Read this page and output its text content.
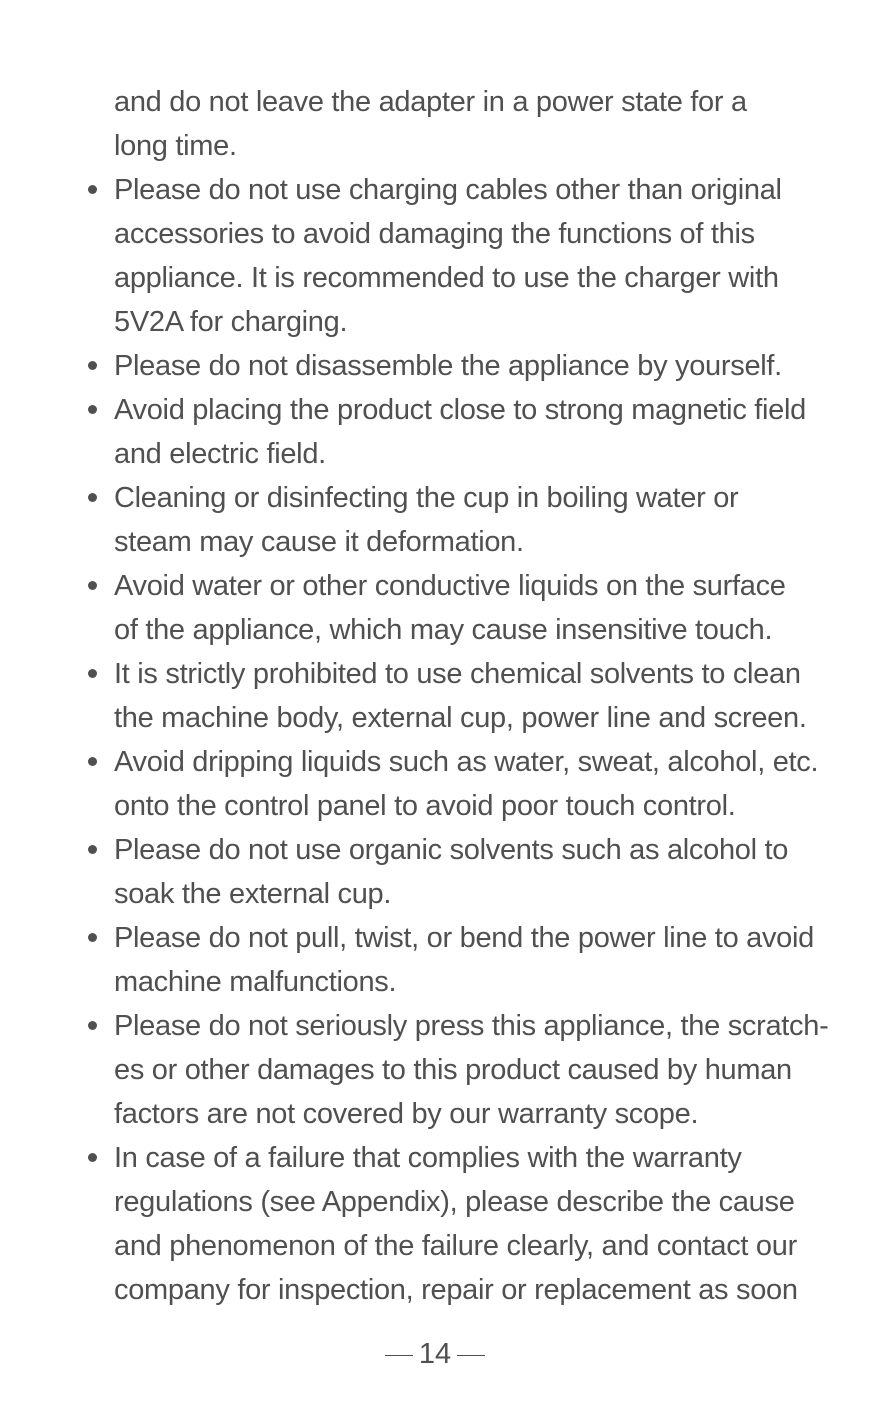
and do not leave the adapter in a power state for a
long time.
Please do not use charging cables other than original
accessories to avoid damaging the functions of this
appliance. It is recommended to use the charger with
5V2A for charging.
Please do not disassemble the appliance by yourself.
Avoid placing the product close to strong magnetic field
and electric field.
Cleaning or disinfecting the cup in boiling water or
steam may cause it deformation.
Avoid water or other conductive liquids on the surface
of the appliance, which may cause insensitive touch.
It is strictly prohibited to use chemical solvents to clean
the machine body, external cup, power line and screen.
Avoid dripping liquids such as water, sweat, alcohol, etc.
onto the control panel to avoid poor touch control.
Please do not use organic solvents such as alcohol to
soak the external cup.
Please do not pull, twist, or bend the power line to avoid
machine malfunctions.
Please do not seriously press this appliance, the scratch-
es or other damages to this product caused by human
factors are not covered by our warranty scope.
In case of a failure that complies with the warranty
regulations (see Appendix), please describe the cause
and phenomenon of the failure clearly, and contact our
company for inspection, repair or replacement as soon
14
